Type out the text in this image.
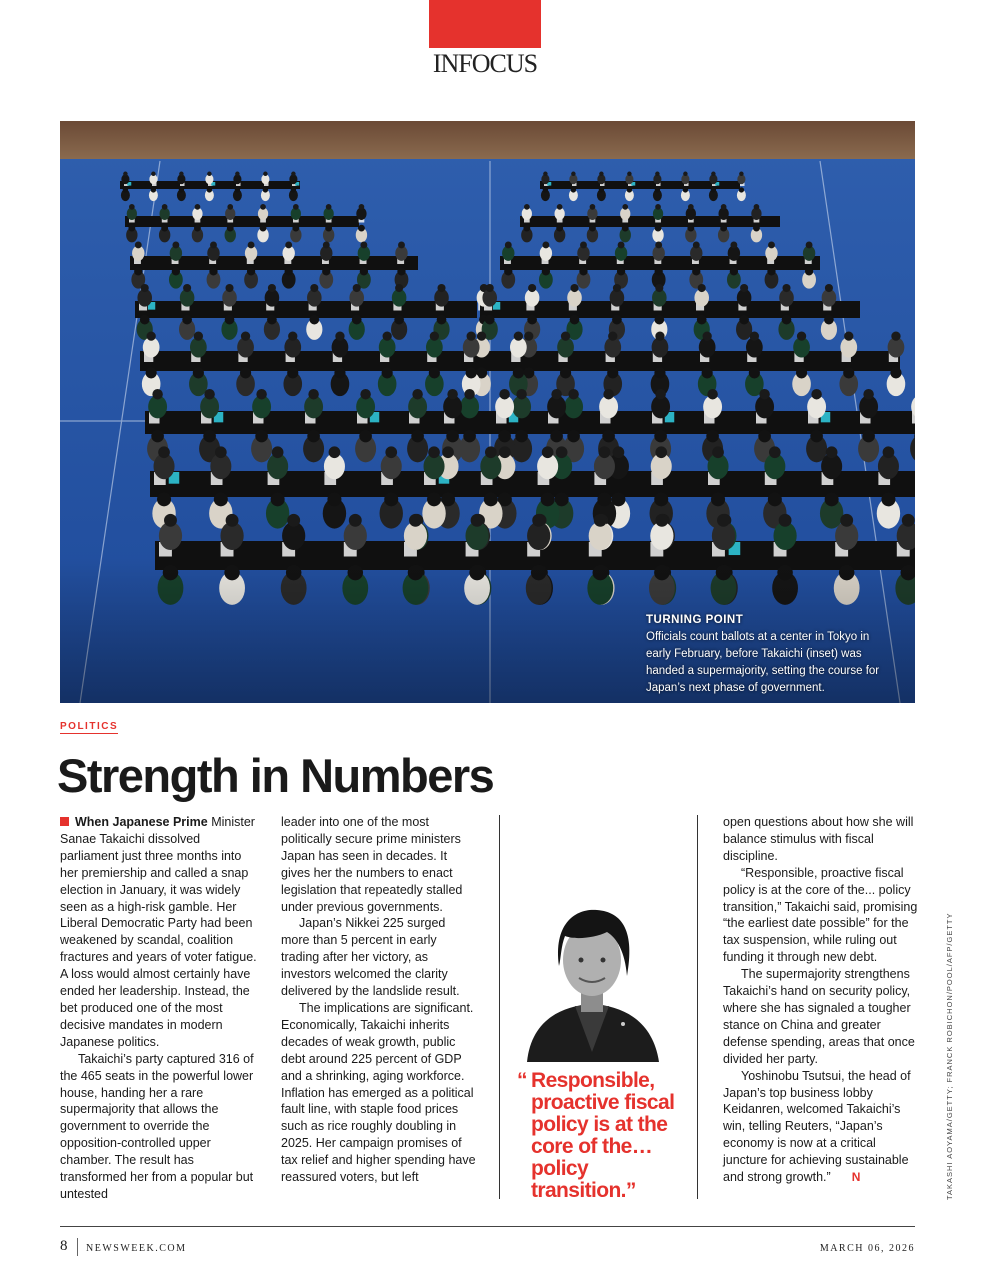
INFOCUS
TURNING POINT
Officials count ballots at a center in Tokyo in early February, before Takaichi (inset) was handed a supermajority, setting the course for Japan’s next phase of government.
POLITICS
Strength in Numbers

When Japanese Prime Minister Sanae Takaichi dissolved parliament just three months into her premiership and called a snap election in January, it was widely seen as a high-risk gamble. Her Liberal Democratic Party had been weakened by scandal, coalition fractures and years of voter fatigue. A loss would almost certainly have ended her leadership. Instead, the bet produced one of the most decisive mandates in modern Japanese politics.

Takaichi’s party captured 316 of the 465 seats in the powerful lower house, handing her a rare supermajority that allows the government to override the opposition-controlled upper chamber. The result has transformed her from a popular but untested

leader into one of the most politically secure prime ministers Japan has seen in decades. It gives her the numbers to enact legislation that repeatedly stalled under previous governments.

Japan’s Nikkei 225 surged more than 5 percent in early trading after her victory, as investors welcomed the clarity delivered by the landslide result.

The implications are significant. Economically, Takaichi inherits decades of weak growth, public debt around 225 percent of GDP and a shrinking, aging workforce. Inflation has emerged as a political fault line, with staple food prices such as rice roughly doubling in 2025. Her campaign promises of tax relief and higher spending have reassured voters, but left

“ Responsible, proactive fiscal policy is at the core of the…policy transition.”

open questions about how she will balance stimulus with fiscal discipline.

“Responsible, proactive fiscal policy is at the core of the... policy transition,” Takaichi said, promising “the earliest date possible” for the tax suspension, while ruling out funding it through new debt.

The supermajority strengthens Takaichi’s hand on security policy, where she has signaled a tougher stance on China and greater defense spending, areas that once divided her party.

Yoshinobu Tsutsui, the head of Japan’s top business lobby Keidanren, welcomed Takaichi’s win, telling Reuters, “Japan’s economy is now at a critical juncture for achieving sustainable and strong growth.” N	TAKASHI AOYAMA/GETTY; FRANCK ROBICHON/POOL/AFP/GETTY
8 NEWSWEEK.COM	MARCH 06, 2026
